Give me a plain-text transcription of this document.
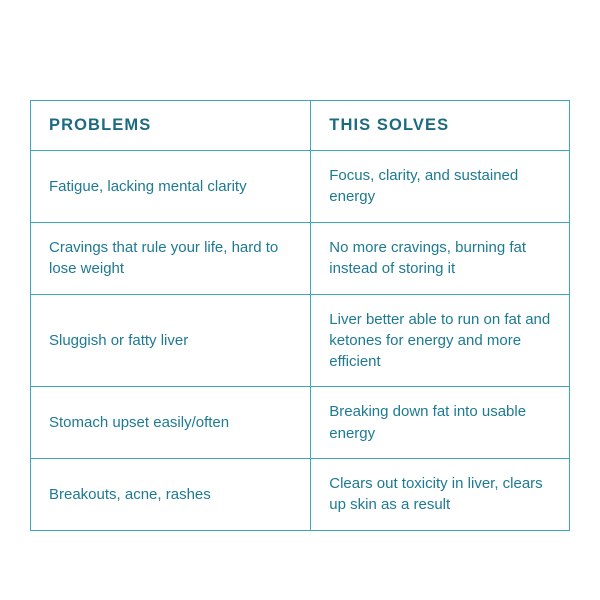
PROBLEMS	THIS SOLVES
Fatigue, lacking mental clarity	Focus, clarity, and sustained energy
Cravings that rule your life, hard to lose weight	No more cravings, burning fat instead of storing it
Sluggish or fatty liver	Liver better able to run on fat and ketones for energy and more efficient
Stomach upset easily/often	Breaking down fat into usable energy
Breakouts, acne, rashes	Clears out toxicity in liver, clears up skin as a result
